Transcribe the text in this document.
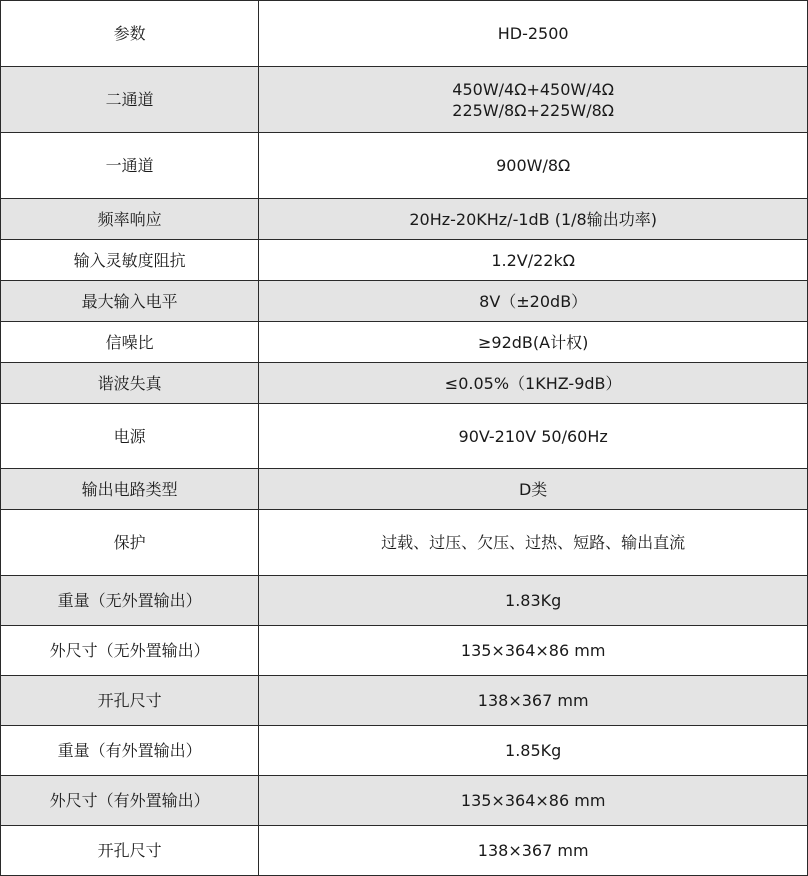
参数	HD-2500
二通道	450W/4Ω+450W/4Ω
225W/8Ω+225W/8Ω

一通道	900W/8Ω
频率响应	20Hz-20KHz/-1dB (1/8输出功率)
输入灵敏度阻抗	1.2V/22kΩ
最大输入电平	8V（±20dB）
信噪比	≥92dB(A计权)
谐波失真	≤0.05%（1KHZ-9dB）
电源	90V-210V 50/60Hz
输出电路类型	D类
保护	过载、过压、欠压、过热、短路、输出直流
重量（无外置输出）	1.83Kg
外尺寸（无外置输出）	135×364×86 mm
开孔尺寸	138×367 mm
重量（有外置输出）	1.85Kg
外尺寸（有外置输出）	135×364×86 mm
开孔尺寸	138×367 mm
